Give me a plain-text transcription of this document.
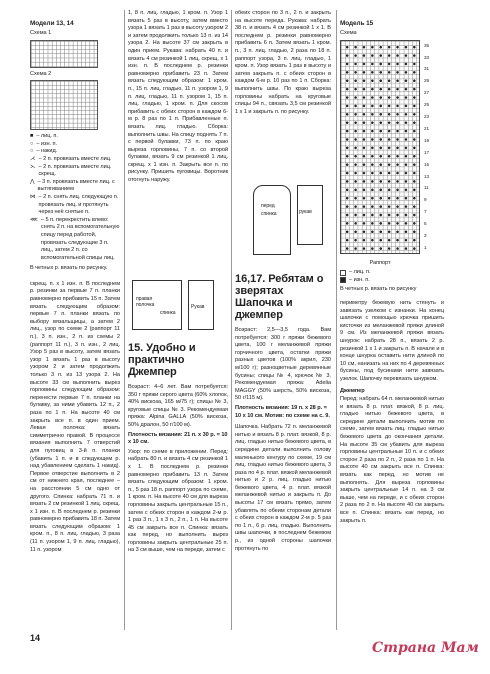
Модели 13, 14
Схема 1
Схема 2
■ – лиц. п.
○ – изн. п.
○ – накид.
⋌ – 2 п. провязать вместе лиц.
⋋ – 2 п. провязать вместе лиц. скрещ.
⋀ – 3 п. провязать вместе лиц. с вытягиванием
⋈ – 2 п. снять лиц. следующую п. провязать лиц. и протянуть через неё снятые п.
⋘ – 5 п. перекрестить влево: снять 2 п. на вспомогательную спицу перед работой, провязать следующие 3 п. лиц., затем 2 п. со вспомогательной спицы лиц.
В четных р. вязать по рисунку.
скрещ. п. х 1 изн. п. В последнем р. резинки за первые 7 п. планки равномерно прибавить 15 п. Затем вязать следующим образом: первые 7 п. планки вязать по выбору вязальщицы, а затем 2 лиц., узор по схеме 2 (раппорт 11 п.), 3 п. изн., 2 п. из схемы 2 (раппорт 11 п.), 3 п. изн., 2 лиц. Узор 5 раз в высоту, затем вязать узор 1 вязать 1 раз в высоту узором 2 и затем продолжить только 3 п. из 13 узора 2. На высоте 33 см выполнить вырез горловины следующим образом: перенести первые 7 п. планки на булавку, за ними убавить 12 п., 2 раза по 1 п. На высоте 40 см закрыть все п. в один прием. Левая полочка: вязать симметрично правой. В процессе вязания выполнить 7 отверстий для пуговиц в 3-й п. планки (убавить 1 п. и в следующем р. над убавлением сделать 1 накид). Первое отверстие выполнить в 2 см от нижнего края, последнее – на расстоянии 5 см одно от другого. Спинка: набрать 71 п. и вязать 2 см резинкой 1 лиц. скрещ. х 1 изн. п. В последнем р. резинки равномерно прибавить 18 п. Затем вязать следующим образом: 1 кром. п., 8 п. лиц. гладью, 3 раза (11 п. узором 1, 9 п. лиц. гладью), 11 п. узором
1, 8 п. лиц. гладью, 1 кром. п. Узор 1 вязать 5 раз в высоту, затем вместо узора 1 вязать 1 раз в высоту узором 2 и затем продолжить только 13 п. из 14 узора 2. На высоте 37 см закрыть в один прием. Рукава: набрать 40 п. и вязать 4 см резинкой 1 лиц. скрещ. х 1 изн. п. В последнем р. резинки равномерно прибавить 23 п. Затем вязать следующим образом: 1 кром. п., 15 п. лиц. гладью, 11 п. узором 1, 9 п. лиц. гладью, 11 п. узором 1, 15 п. лиц. гладью, 1 кром. п. Для скосов прибавить с обеих сторон в каждом 6-м р. 8 раз по 1 п. Прибавленные п. вязать лиц. гладью. Сборка: выполнить швы. На спицу поднять 7 п. с первой булавки, 73 п. по краю выреза горловины, 7 п. со второй булавки, вязать 9 см резинкой 1 лиц. скрещ. х 1 изн. п. Закрыть все п. по рисунку. Пришить пуговицы. Воротник отогнуть наружу.
Рукав
правая полочка
спинка
15. Удобно и практично Джемпер
Возраст: 4–6 лет. Вам потребуется: 350 г пряжи серого цвета (60% хлопок, 40% вискоза, 165 м/75 г); спицы № 3, круговые спицы № 3. Рекомендуемая пряжа: Alpina GALLA (50% вискоза, 50% дралон, 50 г/100 м).
Плотность вязания: 21 п. х 30 р. = 10 х 10 см.
Узор: по схеме в приложении. Перед: набрать 80 п. и вязать 4 см резинкой 1 х 1. В последнем р. резинки равномерно прибавить 13 п. Затем вязать следующим образом: 1 кром. п., 5 раз 18 п. раппорт узора по схеме, 1 кром. п. На высоте 40 см для выреза горловины закрыть центральные 15 п., затем с обеих сторон в каждом 2-м р. 1 раз 3 п., 1 х 3 п., 2 п., 1 п. На высоте 45 см закрыть все п. Спинка: вязать как перед, но выполнить вырез горловины закрыть центральные 25 п. на 3 см выше, чем на переде, затем с
обеих сторон по 3 п., 2 п. и закрыть на высоте переда. Рукава: набрать 38 п. и вязать 4 см резинкой 1 х 1. В последнем р. резинки равномерно прибавить 6 п. Затем вязать 1 кром. п., 3 п. лиц. гладью, 2 раза по 18 п. раппорт узора, 3 п. лиц. гладью, 1 кром. п. Узор вязать 1 раз в высоту и затем закрыть п. с обеих сторон в каждом 6-м р. 10 раз по 1 п. Сборка: выполнить швы. По краю выреза горловины набрать на круговые спицы 94 п., связать 3,5 см резинкой 1 х 1 и закрыть п. по рисунку.
перед
спинка	рукав
16,17. Ребятам о зверятах Шапочка и джемпер
Возраст: 2,5—3,5 года. Вам потребуется: 300 г пряжи бежевого цвета, 100 г меланжевой пряжи горчичного цвета, остатки пряжи разных цветов (100% акрил, 230 м/100 г); разноцветные деревянные бусины; спицы № 4, крючок № 3. Рекомендуемая пряжа: Adelia MAGGY (50% шерсть, 50% вискоза, 50 г/115 м).
Плотность вязания: 19 п. х 28 р. = 10 х 10 см. Мотив: по схеме на с. 9.
Шапочка. Набрать 72 п. меланжевой нитью и вязать 8 р. плат. вязкой, 8 р. лиц. гладью нитью бежевого цвета, в середине детали выполнить голову маленького кенгуру по схеме, 19 см лиц. гладью нитью бежевого цвета, 3 раза по 4 р. плат. вязкой меланжевой нитью и 2 р. лиц. гладью нитью бежевого цвета, 4 р. плат. вязкой меланжевой нитью и закрыть п. До высоты 17 см вязать прямо, затем убавлять по обеим сторонам детали с обеих сторон в каждом 2-м р. 5 раз по 1 п., 6 р. лиц. гладью. Выполнить швы шапочки, в последнем бежевом р., из одной стороны шапочки протянуть по
Модель 15
Схема
35
33
31
29
27
25
23
21
19
17
15
13
11
9
7
5
3
1
Раппорт
– лиц. п.
– изн. п.
В четных р. вязать по рисунку
периметру бежевую нить стянуть и завязать узелком с изнанки. На конец шапочки с помощью крючка пришить кисточки из меланжевой пряжи длиной 9 см. Из меланжевой пряжи вязать шнурок: набрать 28 п., вязать 2 р. резинкой 1 х 1 и закрыть п. В начале и в конце шнурка оставить нити длиной по 10 см, нанизать на них по 4 деревянных бусины, под бусинами нити завязать узелок. Шапочку перевязать шнурком.
Джемпер
Перед: набрать 64 п. меланжевой нитью и вязать 8 р. плат. вязкой, 8 р. лиц. гладью нитью бежевого цвета, в середине детали выполнить мотив по схеме, затем вязать лиц. гладью нитью бежевого цвета до окончания детали. На высоте 35 см убавить для выреза горловины центральные 10 п. и с обеих сторон 2 раза по 2 п., 2 раза по 1 п. На высоте 40 см закрыть все п. Спинка: вязать как перед, но мотив не выполнять. Для выреза горловины закрыть центральные 14 п. на 3 см выше, чем на переде, и с обеих сторон 2 раза по 2 п. На высоте 40 см закрыть все п. Спинка: вязать как перед, но закрыть п.
14
Страна Мам
